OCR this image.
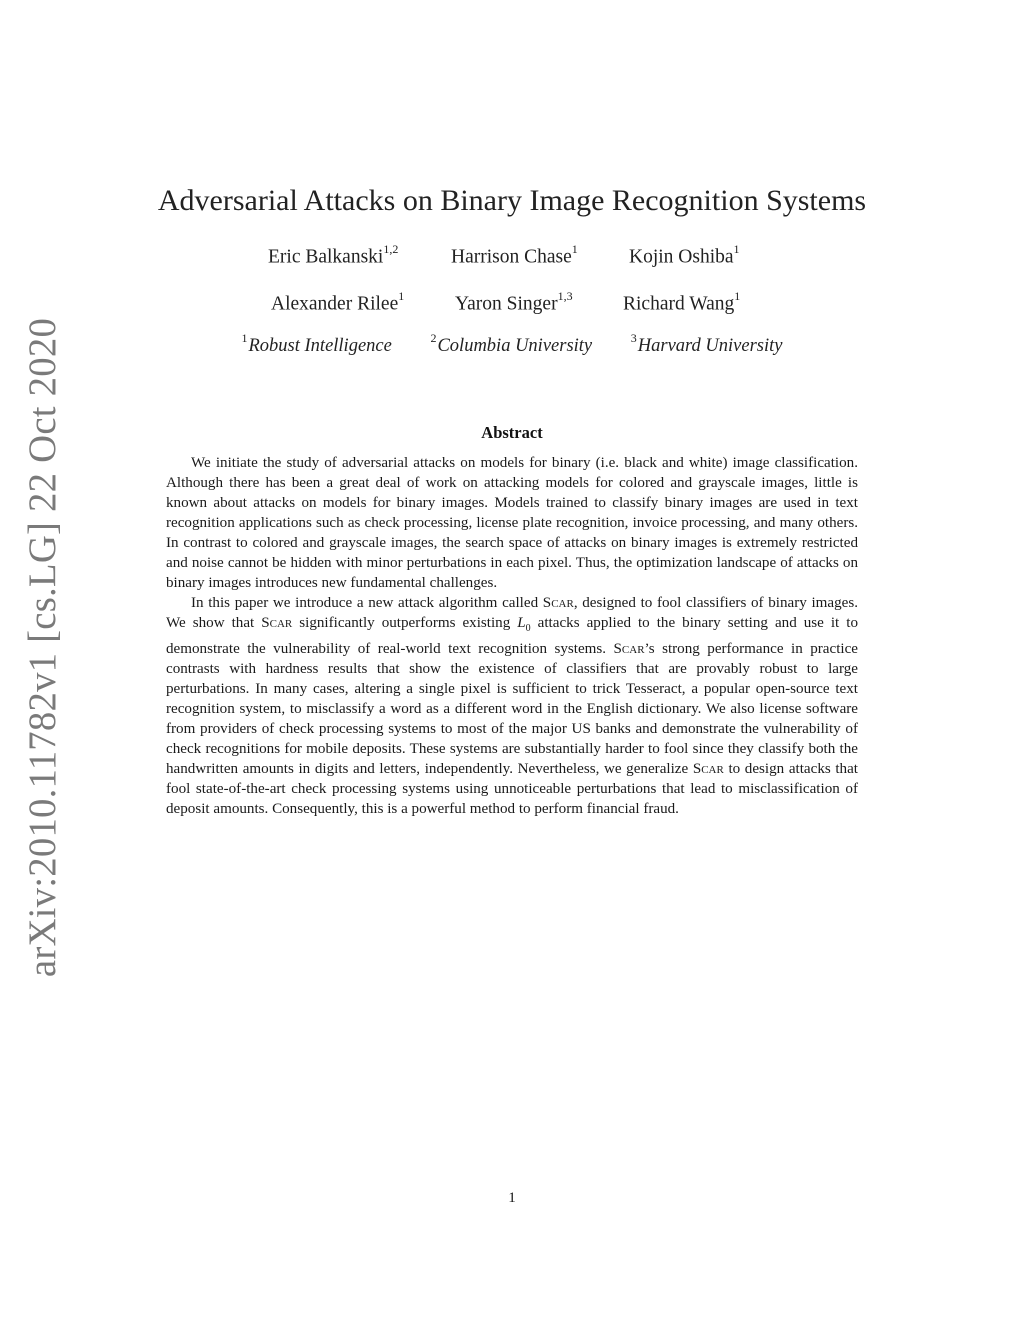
arXiv:2010.11782v1 [cs.LG] 22 Oct 2020
Adversarial Attacks on Binary Image Recognition Systems
Eric Balkanski$^{1,2}$	Harrison Chase$^1$	Kojin Oshiba$^1$
Alexander Rilee$^1$	Yaron Singer$^{1,3}$	Richard Wang$^1$
$^1$Robust Intelligence	$^2$Columbia University	$^3$Harvard University
Abstract

We initiate the study of adversarial attacks on models for binary (i.e. black and white) image classification. Although there has been a great deal of work on attacking models for colored and grayscale images, little is known about attacks on models for binary images. Models trained to classify binary images are used in text recognition applications such as check processing, license plate recognition, invoice processing, and many others. In contrast to colored and grayscale images, the search space of attacks on binary images is extremely restricted and noise cannot be hidden with minor perturbations in each pixel. Thus, the optimization landscape of attacks on binary images introduces new fundamental challenges.

In this paper we introduce a new attack algorithm called Scar, designed to fool classifiers of binary images. We show that Scar significantly outperforms existing $L_0$ attacks applied to the binary setting and use it to demonstrate the vulnerability of real-world text recognition systems. Scar’s strong performance in practice contrasts with hardness results that show the existence of classifiers that are provably robust to large perturbations. In many cases, altering a single pixel is sufficient to trick Tesseract, a popular open-source text recognition system, to misclassify a word as a different word in the English dictionary. We also license software from providers of check processing systems to most of the major US banks and demonstrate the vulnerability of check recognitions for mobile deposits. These systems are substantially harder to fool since they classify both the handwritten amounts in digits and letters, independently. Nevertheless, we generalize Scar to design attacks that fool state-of-the-art check processing systems using unnoticeable perturbations that lead to misclassification of deposit amounts. Consequently, this is a powerful method to perform financial fraud.

1
